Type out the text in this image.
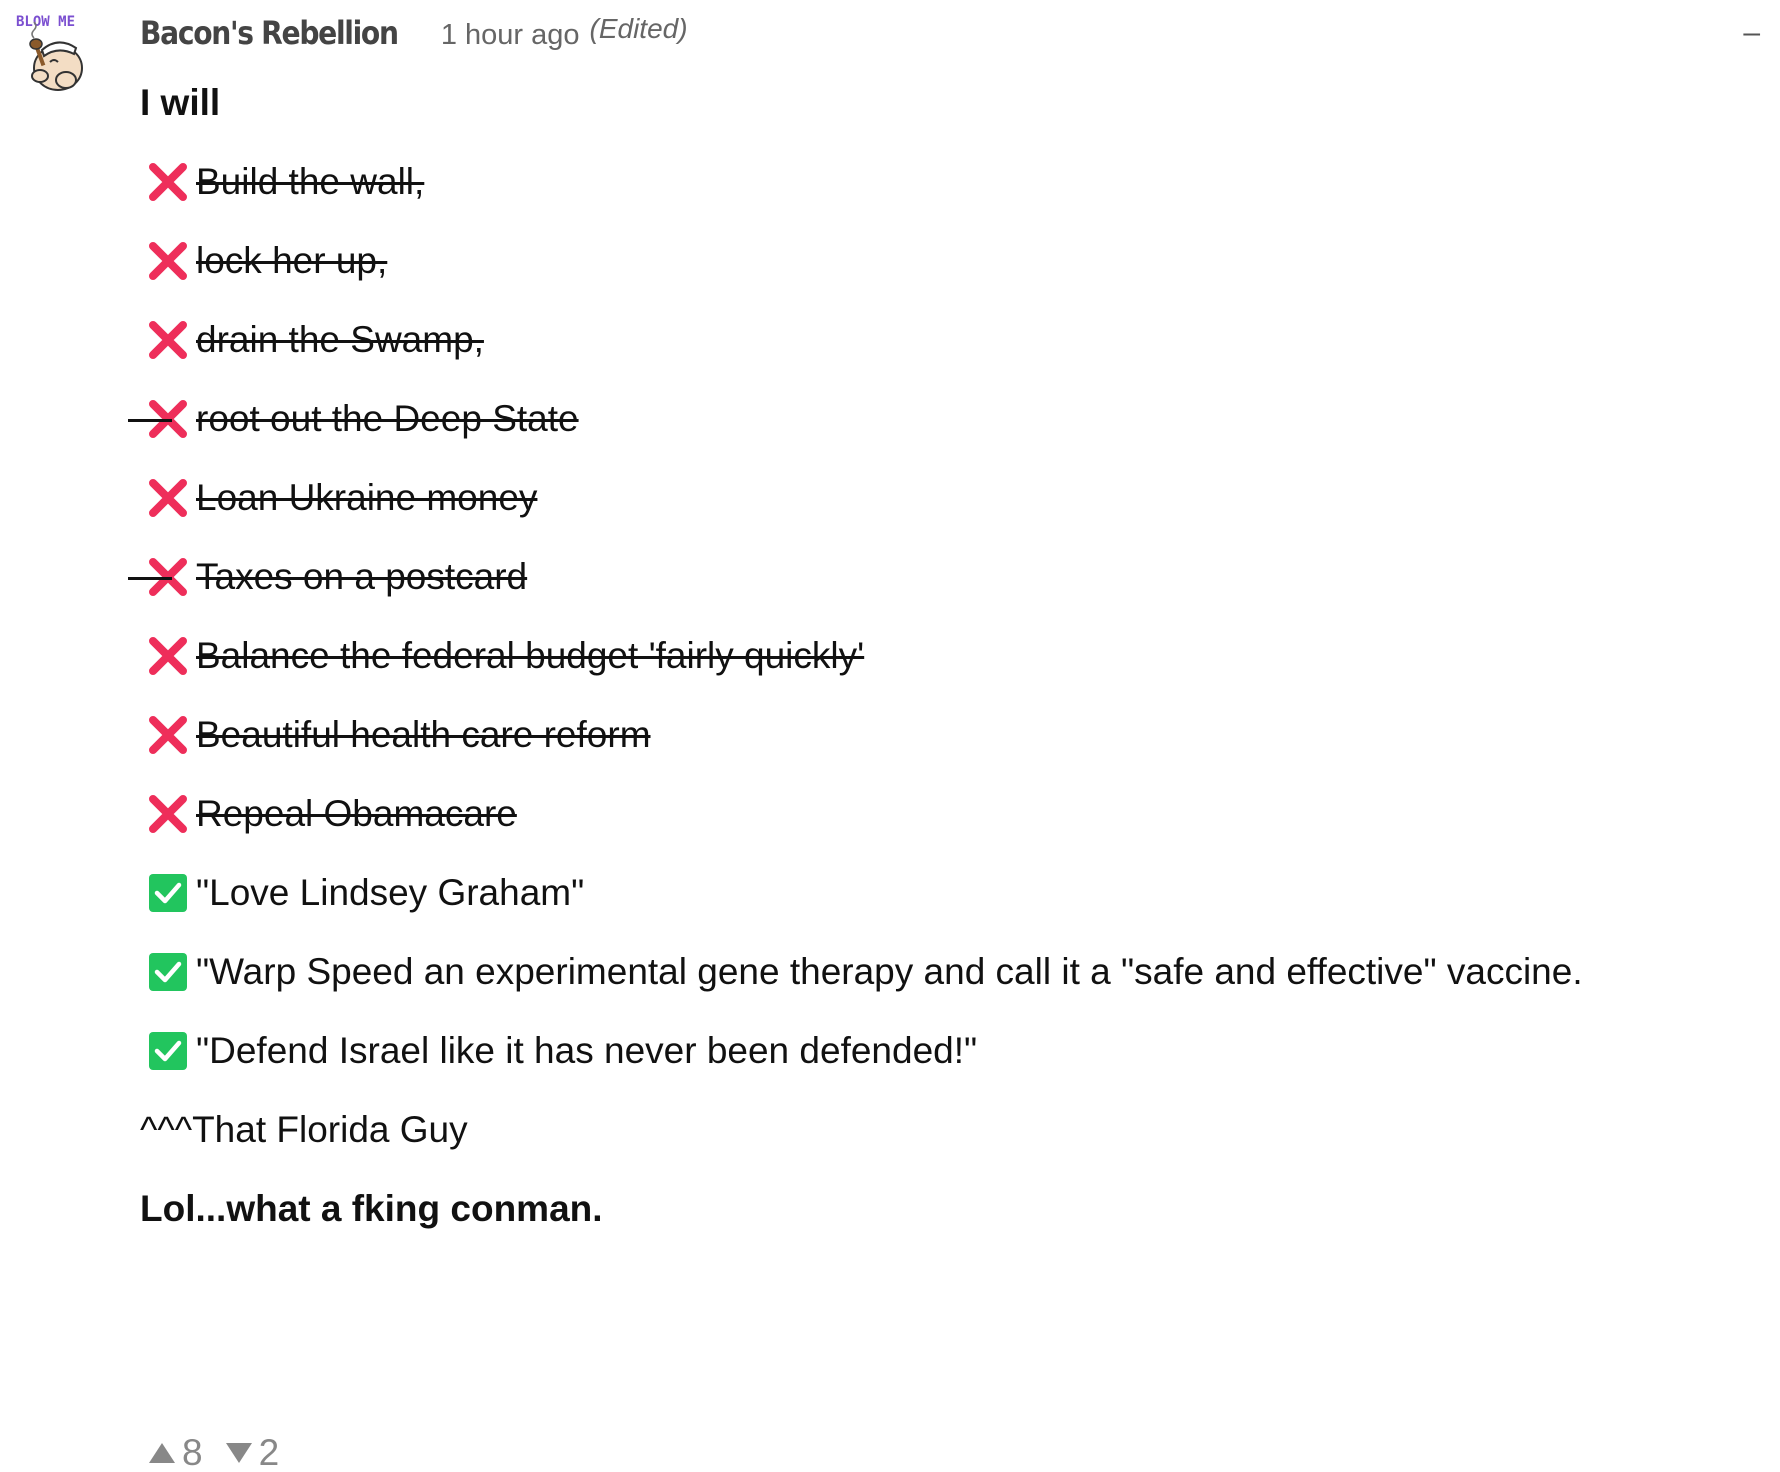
BLOW ME Bacon's Rebellion 1 hour ago (Edited)	–

I will

Build the wall,
lock her up,
drain the Swamp,
root out the Deep State
Loan Ukraine money
Taxes on a postcard
Balance the federal budget 'fairly quickly'
Beautiful health care reform
Repeal Obamacare
"Love Lindsey Graham"
"Warp Speed an experimental gene therapy and call it a "safe and effective" vaccine.
"Defend Israel like it has never been defended!"

^^^That Florida Guy

Lol...what a fking conman.

8 2
